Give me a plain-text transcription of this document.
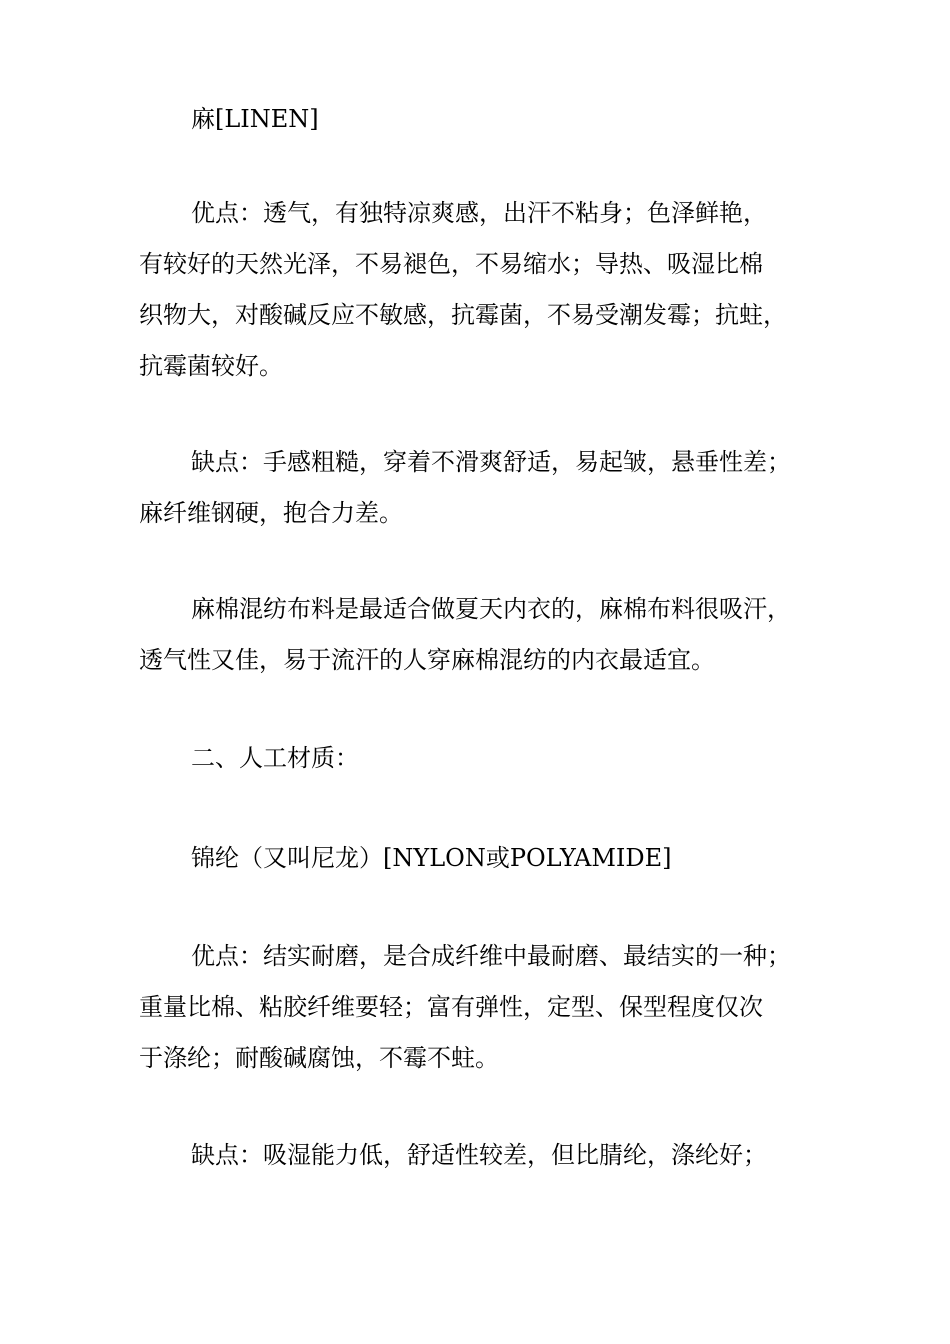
麻[LINEN]

优点：透气，有独特凉爽感，出汗不粘身；色泽鲜艳，
有较好的天然光泽，不易褪色，不易缩水；导热、吸湿比棉
织物大，对酸碱反应不敏感，抗霉菌，不易受潮发霉；抗蛀，
抗霉菌较好。

缺点：手感粗糙，穿着不滑爽舒适，易起皱，悬垂性差；
麻纤维钢硬，抱合力差。

麻棉混纺布料是最适合做夏天内衣的，麻棉布料很吸汗，
透气性又佳，易于流汗的人穿麻棉混纺的内衣最适宜。

二、人工材质：

锦纶（又叫尼龙）[NYLON或POLYAMIDE]

优点：结实耐磨，是合成纤维中最耐磨、最结实的一种；
重量比棉、粘胶纤维要轻；富有弹性，定型、保型程度仅次
于涤纶；耐酸碱腐蚀，不霉不蛀。

缺点：吸湿能力低，舒适性较差，但比腈纶，涤纶好；
